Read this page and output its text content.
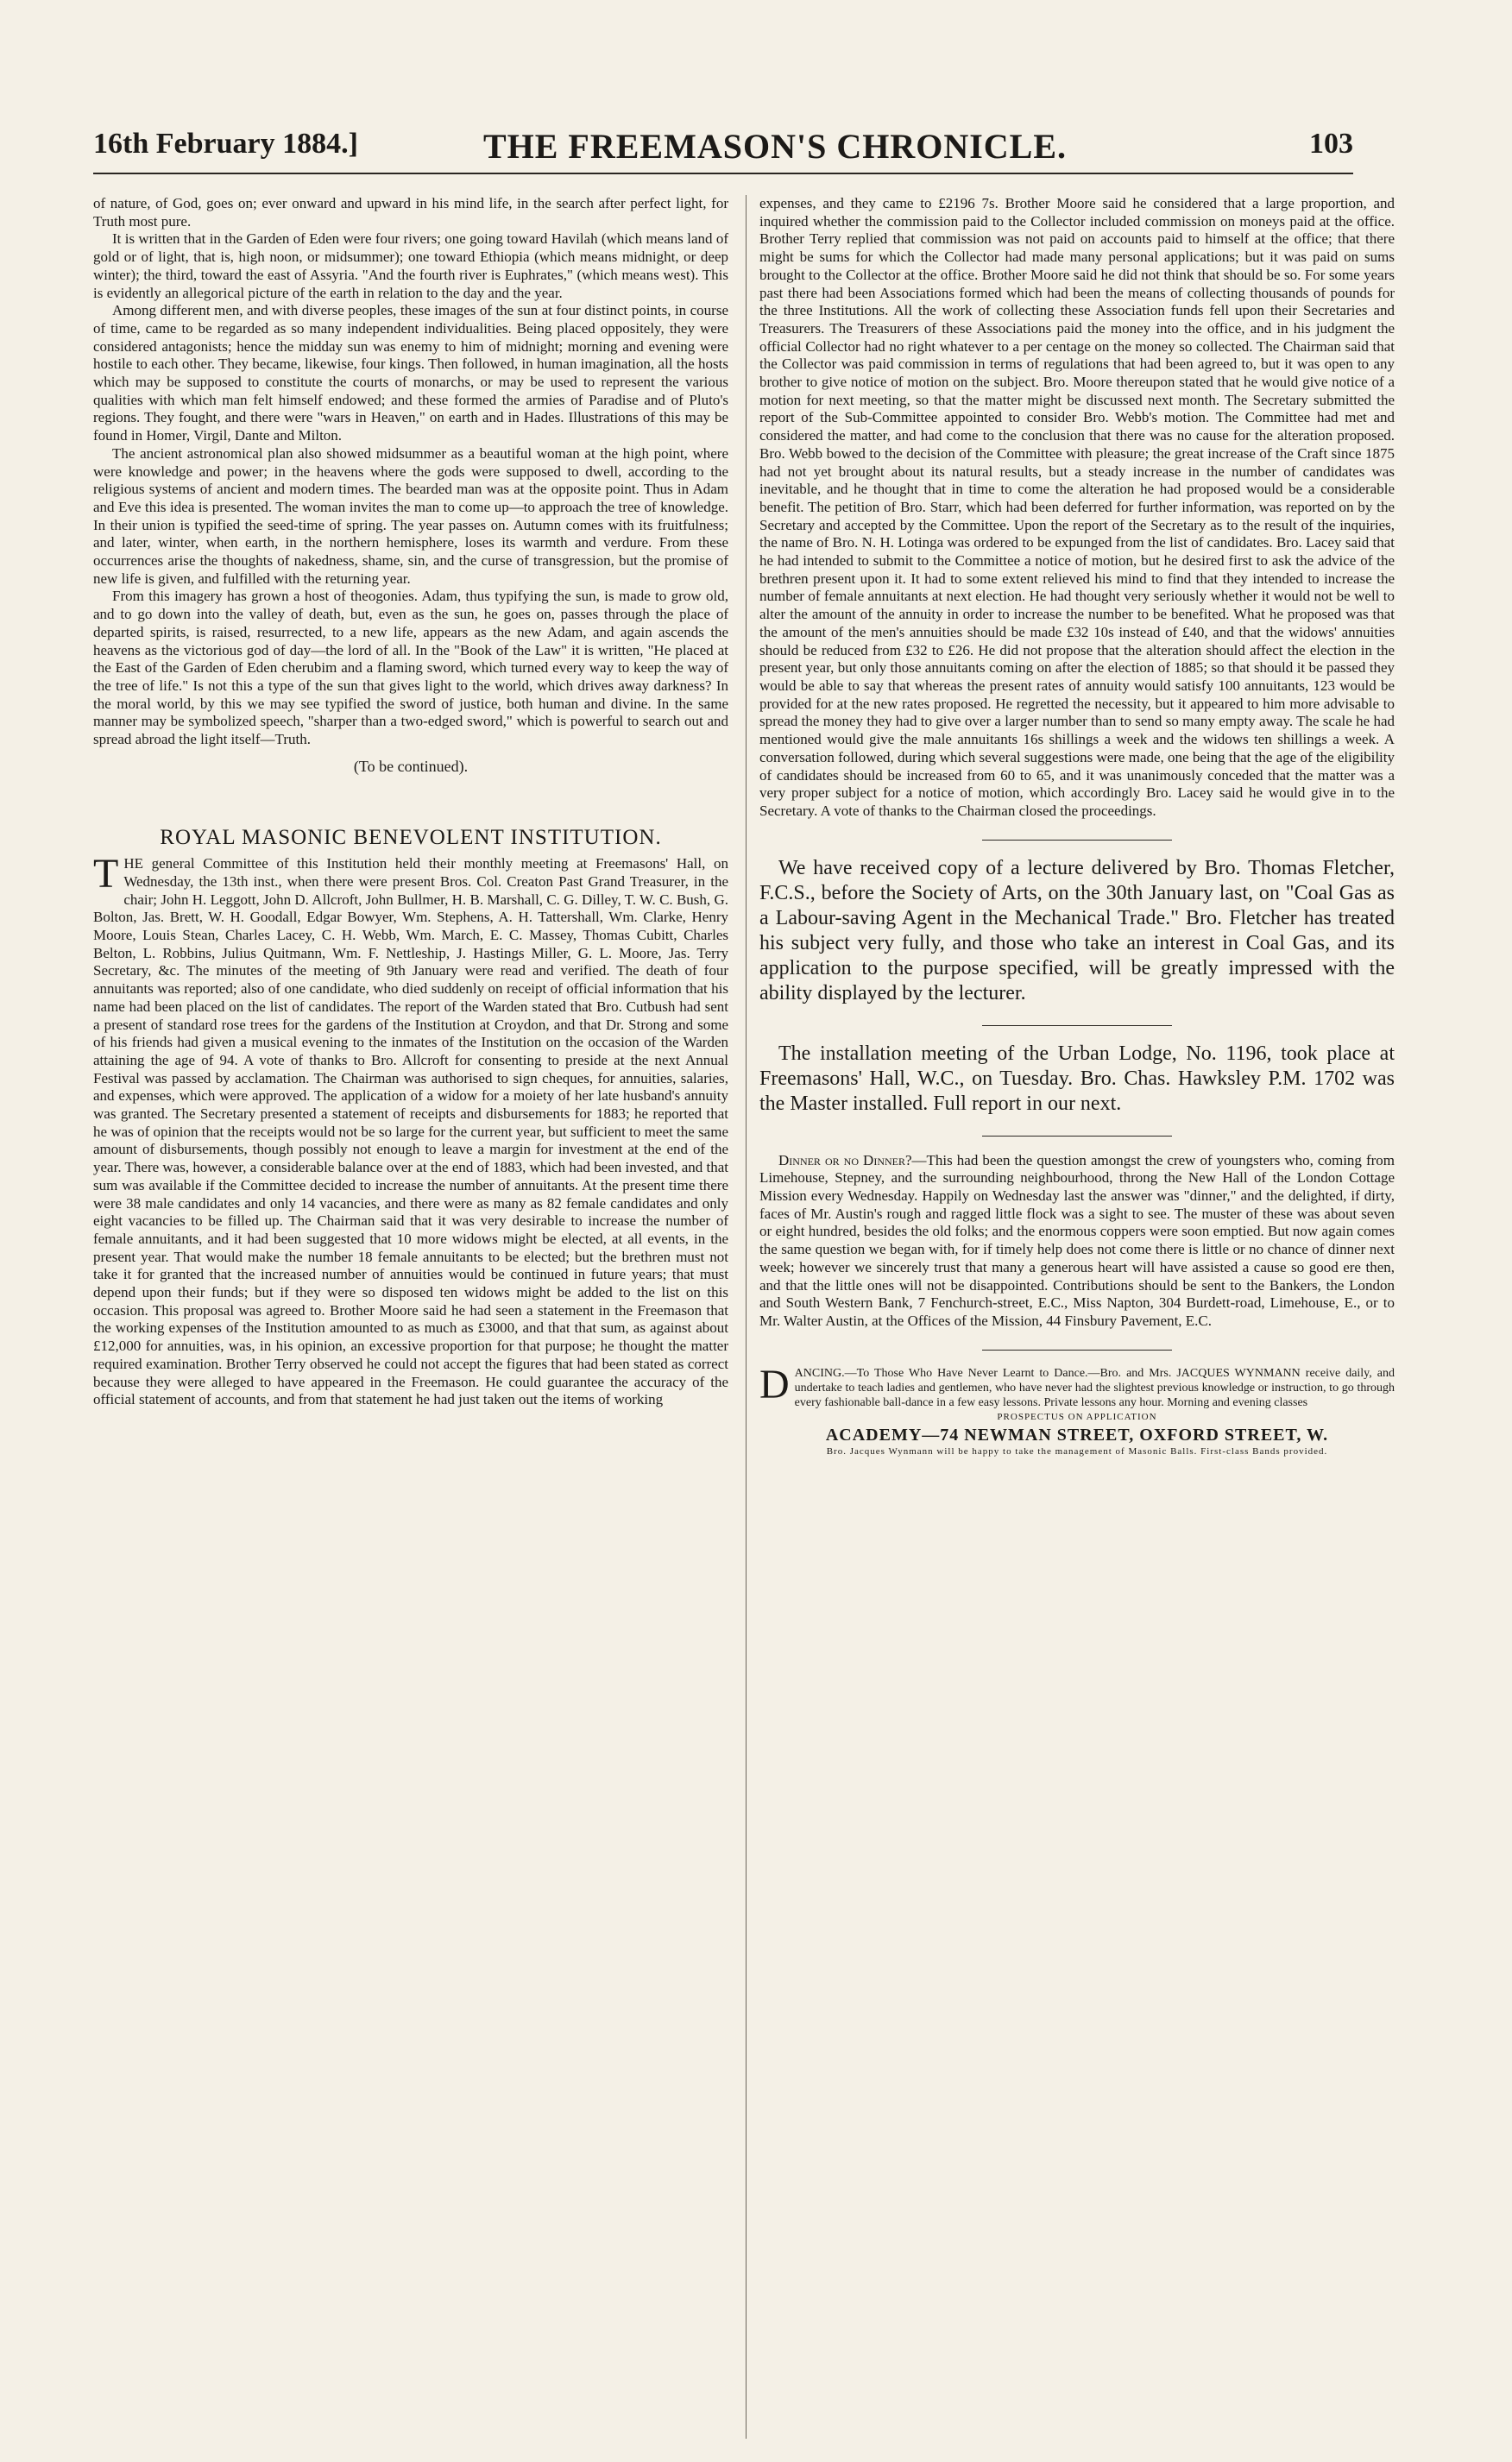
16th February 1884.]	THE FREEMASON'S CHRONICLE.	103

of nature, of God, goes on; ever onward and upward in his mind life, in the search after perfect light, for Truth most pure.

It is written that in the Garden of Eden were four rivers; one going toward Havilah (which means land of gold or of light, that is, high noon, or midsummer); one toward Ethiopia (which means midnight, or deep winter); the third, toward the east of Assyria. "And the fourth river is Euphrates," (which means west). This is evidently an allegorical picture of the earth in relation to the day and the year.

Among different men, and with diverse peoples, these images of the sun at four distinct points, in course of time, came to be regarded as so many independent individualities. Being placed oppositely, they were considered antagonists; hence the midday sun was enemy to him of midnight; morning and evening were hostile to each other. They became, likewise, four kings. Then followed, in human imagination, all the hosts which may be supposed to constitute the courts of monarchs, or may be used to represent the various qualities with which man felt himself endowed; and these formed the armies of Paradise and of Pluto's regions. They fought, and there were "wars in Heaven," on earth and in Hades. Illustrations of this may be found in Homer, Virgil, Dante and Milton.

The ancient astronomical plan also showed midsummer as a beautiful woman at the high point, where were knowledge and power; in the heavens where the gods were supposed to dwell, according to the religious systems of ancient and modern times. The bearded man was at the opposite point. Thus in Adam and Eve this idea is presented. The woman invites the man to come up—to approach the tree of knowledge. In their union is typified the seed-time of spring. The year passes on. Autumn comes with its fruitfulness; and later, winter, when earth, in the northern hemisphere, loses its warmth and verdure. From these occurrences arise the thoughts of nakedness, shame, sin, and the curse of transgression, but the promise of new life is given, and fulfilled with the returning year.

From this imagery has grown a host of theogonies. Adam, thus typifying the sun, is made to grow old, and to go down into the valley of death, but, even as the sun, he goes on, passes through the place of departed spirits, is raised, resurrected, to a new life, appears as the new Adam, and again ascends the heavens as the victorious god of day—the lord of all. In the "Book of the Law" it is written, "He placed at the East of the Garden of Eden cherubim and a flaming sword, which turned every way to keep the way of the tree of life." Is not this a type of the sun that gives light to the world, which drives away darkness? In the moral world, by this we may see typified the sword of justice, both human and divine. In the same manner may be symbolized speech, "sharper than a two-edged sword," which is powerful to search out and spread abroad the light itself—Truth.

(To be continued).

ROYAL MASONIC BENEVOLENT INSTITUTION.

THE general Committee of this Institution held their monthly meeting at Freemasons' Hall, on Wednesday, the 13th inst., when there were present Bros. Col. Creaton Past Grand Treasurer, in the chair; John H. Leggott, John D. Allcroft, John Bullmer, H. B. Marshall, C. G. Dilley, T. W. C. Bush, G. Bolton, Jas. Brett, W. H. Goodall, Edgar Bowyer, Wm. Stephens, A. H. Tattershall, Wm. Clarke, Henry Moore, Louis Stean, Charles Lacey, C. H. Webb, Wm. March, E. C. Massey, Thomas Cubitt, Charles Belton, L. Robbins, Julius Quitmann, Wm. F. Nettleship, J. Hastings Miller, G. L. Moore, Jas. Terry Secretary, &c. The minutes of the meeting of 9th January were read and verified. The death of four annuitants was reported; also of one candidate, who died suddenly on receipt of official information that his name had been placed on the list of candidates. The report of the Warden stated that Bro. Cutbush had sent a present of standard rose trees for the gardens of the Institution at Croydon, and that Dr. Strong and some of his friends had given a musical evening to the inmates of the Institution on the occasion of the Warden attaining the age of 94. A vote of thanks to Bro. Allcroft for consenting to preside at the next Annual Festival was passed by acclamation. The Chairman was authorised to sign cheques, for annuities, salaries, and expenses, which were approved. The application of a widow for a moiety of her late husband's annuity was granted. The Secretary presented a statement of receipts and disbursements for 1883; he reported that he was of opinion that the receipts would not be so large for the current year, but sufficient to meet the same amount of disbursements, though possibly not enough to leave a margin for investment at the end of the year. There was, however, a considerable balance over at the end of 1883, which had been invested, and that sum was available if the Committee decided to increase the number of annuitants. At the present time there were 38 male candidates and only 14 vacancies, and there were as many as 82 female candidates and only eight vacancies to be filled up. The Chairman said that it was very desirable to increase the number of female annuitants, and it had been suggested that 10 more widows might be elected, at all events, in the present year. That would make the number 18 female annuitants to be elected; but the brethren must not take it for granted that the increased number of annuities would be continued in future years; that must depend upon their funds; but if they were so disposed ten widows might be added to the list on this occasion. This proposal was agreed to. Brother Moore said he had seen a statement in the Freemason that the working expenses of the Institution amounted to as much as £3000, and that that sum, as against about £12,000 for annuities, was, in his opinion, an excessive proportion for that purpose; he thought the matter required examination. Brother Terry observed he could not accept the figures that had been stated as correct because they were alleged to have appeared in the Freemason. He could guarantee the accuracy of the official statement of accounts, and from that statement he had just taken out the items of working

expenses, and they came to £2196 7s. Brother Moore said he considered that a large proportion, and inquired whether the commission paid to the Collector included commission on moneys paid at the office. Brother Terry replied that commission was not paid on accounts paid to himself at the office; that there might be sums for which the Collector had made many personal applications; but it was paid on sums brought to the Collector at the office. Brother Moore said he did not think that should be so. For some years past there had been Associations formed which had been the means of collecting thousands of pounds for the three Institutions. All the work of collecting these Association funds fell upon their Secretaries and Treasurers. The Treasurers of these Associations paid the money into the office, and in his judgment the official Collector had no right whatever to a per centage on the money so collected. The Chairman said that the Collector was paid commission in terms of regulations that had been agreed to, but it was open to any brother to give notice of motion on the subject. Bro. Moore thereupon stated that he would give notice of a motion for next meeting, so that the matter might be discussed next month. The Secretary submitted the report of the Sub-Committee appointed to consider Bro. Webb's motion. The Committee had met and considered the matter, and had come to the conclusion that there was no cause for the alteration proposed. Bro. Webb bowed to the decision of the Committee with pleasure; the great increase of the Craft since 1875 had not yet brought about its natural results, but a steady increase in the number of candidates was inevitable, and he thought that in time to come the alteration he had proposed would be a considerable benefit. The petition of Bro. Starr, which had been deferred for further information, was reported on by the Secretary and accepted by the Committee. Upon the report of the Secretary as to the result of the inquiries, the name of Bro. N. H. Lotinga was ordered to be expunged from the list of candidates. Bro. Lacey said that he had intended to submit to the Committee a notice of motion, but he desired first to ask the advice of the brethren present upon it. It had to some extent relieved his mind to find that they intended to increase the number of female annuitants at next election. He had thought very seriously whether it would not be well to alter the amount of the annuity in order to increase the number to be benefited. What he proposed was that the amount of the men's annuities should be made £32 10s instead of £40, and that the widows' annuities should be reduced from £32 to £26. He did not propose that the alteration should affect the election in the present year, but only those annuitants coming on after the election of 1885; so that should it be passed they would be able to say that whereas the present rates of annuity would satisfy 100 annuitants, 123 would be provided for at the new rates proposed. He regretted the necessity, but it appeared to him more advisable to spread the money they had to give over a larger number than to send so many empty away. The scale he had mentioned would give the male annuitants 16s shillings a week and the widows ten shillings a week. A conversation followed, during which several suggestions were made, one being that the age of the eligibility of candidates should be increased from 60 to 65, and it was unanimously conceded that the matter was a very proper subject for a notice of motion, which accordingly Bro. Lacey said he would give in to the Secretary. A vote of thanks to the Chairman closed the proceedings.

We have received copy of a lecture delivered by Bro. Thomas Fletcher, F.C.S., before the Society of Arts, on the 30th January last, on "Coal Gas as a Labour-saving Agent in the Mechanical Trade." Bro. Fletcher has treated his subject very fully, and those who take an interest in Coal Gas, and its application to the purpose specified, will be greatly impressed with the ability displayed by the lecturer.

The installation meeting of the Urban Lodge, No. 1196, took place at Freemasons' Hall, W.C., on Tuesday. Bro. Chas. Hawksley P.M. 1702 was the Master installed. Full report in our next.

Dinner or no Dinner?—This had been the question amongst the crew of youngsters who, coming from Limehouse, Stepney, and the surrounding neighbourhood, throng the New Hall of the London Cottage Mission every Wednesday. Happily on Wednesday last the answer was "dinner," and the delighted, if dirty, faces of Mr. Austin's rough and ragged little flock was a sight to see. The muster of these was about seven or eight hundred, besides the old folks; and the enormous coppers were soon emptied. But now again comes the same question we began with, for if timely help does not come there is little or no chance of dinner next week; however we sincerely trust that many a generous heart will have assisted a cause so good ere then, and that the little ones will not be disappointed. Contributions should be sent to the Bankers, the London and South Western Bank, 7 Fenchurch-street, E.C., Miss Napton, 304 Burdett-road, Limehouse, E., or to Mr. Walter Austin, at the Offices of the Mission, 44 Finsbury Pavement, E.C.

DANCING.—To Those Who Have Never Learnt to Dance.—Bro. and Mrs. JACQUES WYNMANN receive daily, and undertake to teach ladies and gentlemen, who have never had the slightest previous knowledge or instruction, to go through every fashionable ball-dance in a few easy lessons. Private lessons any hour. Morning and evening classes

PROSPECTUS ON APPLICATION

ACADEMY—74 NEWMAN STREET, OXFORD STREET, W.

Bro. Jacques Wynmann will be happy to take the management of Masonic Balls. First-class Bands provided.
